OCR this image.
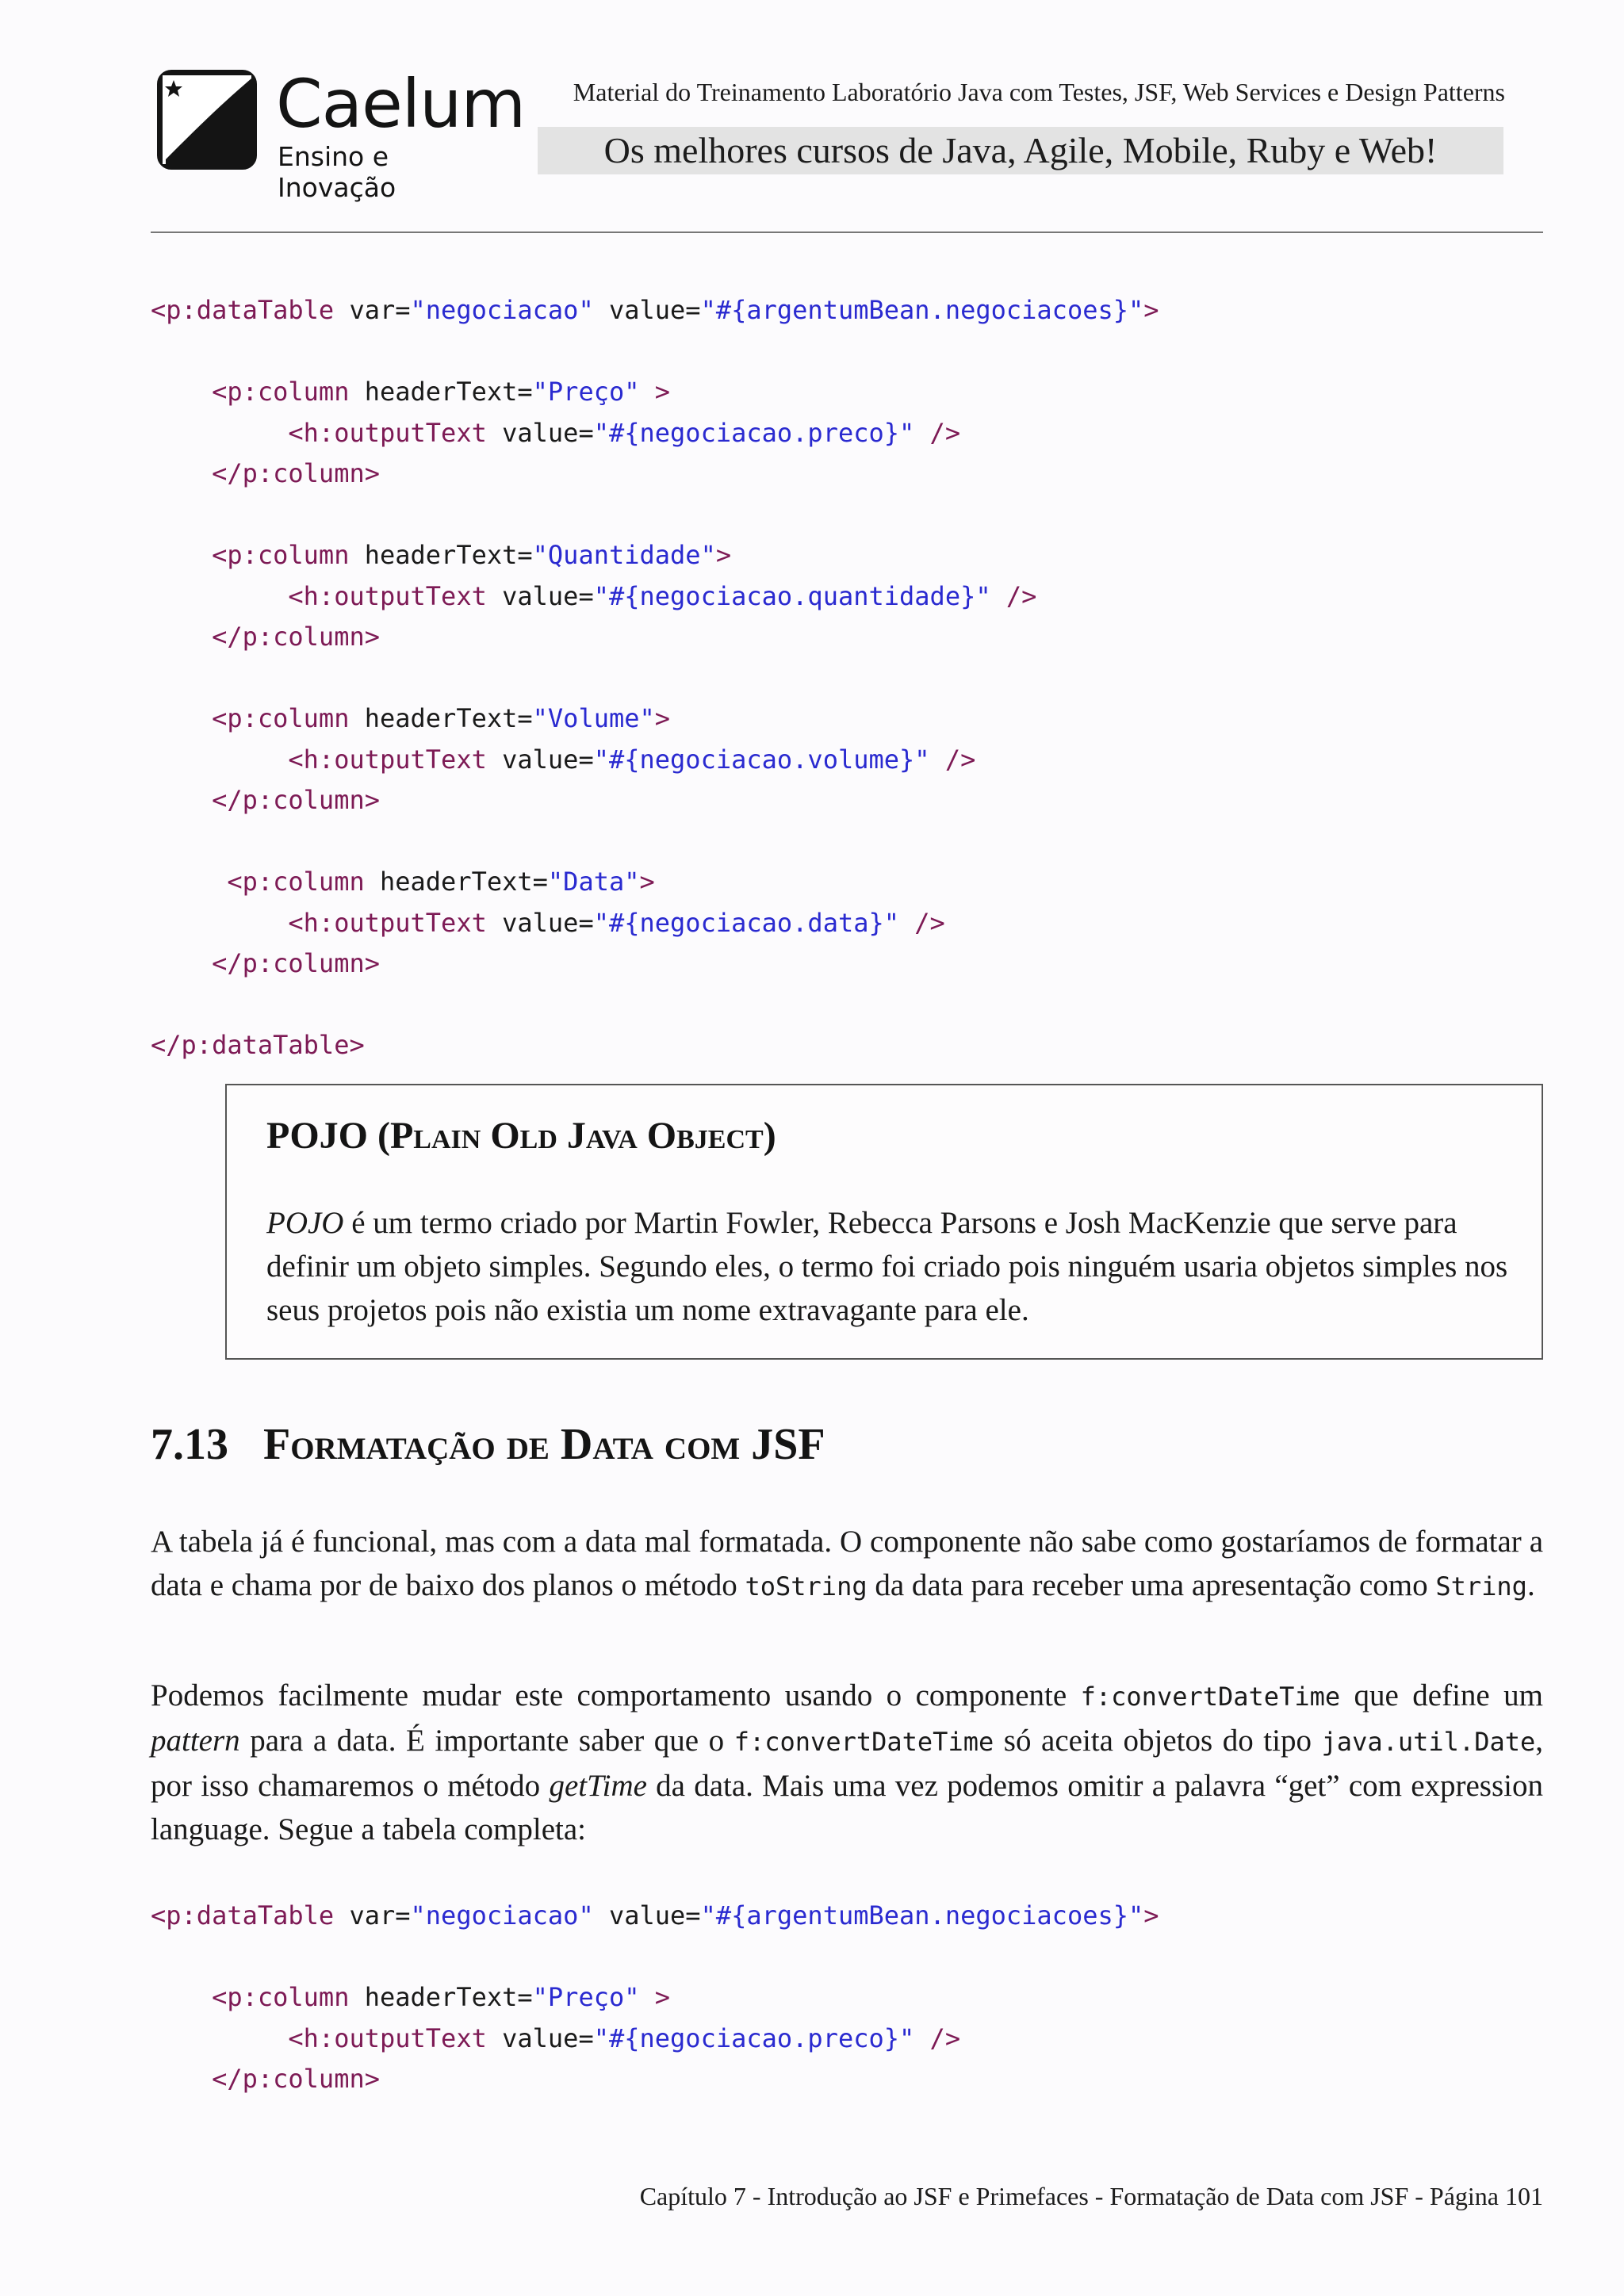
Caelum
Ensino e Inovação
Material do Treinamento Laboratório Java com Testes, JSF, Web Services e Design Patterns
Os melhores cursos de Java, Agile, Mobile, Ruby e Web!
<p:dataTable var="negociacao" value="#{argentumBean.negociacoes}">
<p:column headerText="Preço" >
<h:outputText value="#{negociacao.preco}" />
</p:column>
<p:column headerText="Quantidade">
<h:outputText value="#{negociacao.quantidade}" />
</p:column>
<p:column headerText="Volume">
<h:outputText value="#{negociacao.volume}" />
</p:column>
<p:column headerText="Data">
<h:outputText value="#{negociacao.data}" />
</p:column>
</p:dataTable>
POJO (Plain Old Java Object)
POJO é um termo criado por Martin Fowler, Rebecca Parsons e Josh MacKenzie que serve para definir um objeto simples. Segundo eles, o termo foi criado pois ninguém usaria objetos simples nos seus projetos pois não existia um nome extravagante para ele.
7.13 Formatação de Data com JSF
A tabela já é funcional, mas com a data mal formatada. O componente não sabe como gostaríamos de formatar a data e chama por de baixo dos planos o método toString da data para receber uma apresentação como String.
Podemos facilmente mudar este comportamento usando o componente f:convertDateTime que define um pattern para a data. É importante saber que o f:convertDateTime só aceita objetos do tipo java.util.Date, por isso chamaremos o método getTime da data. Mais uma vez podemos omitir a palavra “get” com expression language. Segue a tabela completa:
<p:dataTable var="negociacao" value="#{argentumBean.negociacoes}">
<p:column headerText="Preço" >
<h:outputText value="#{negociacao.preco}" />
</p:column>
Capítulo 7 - Introdução ao JSF e Primefaces - Formatação de Data com JSF - Página 101
